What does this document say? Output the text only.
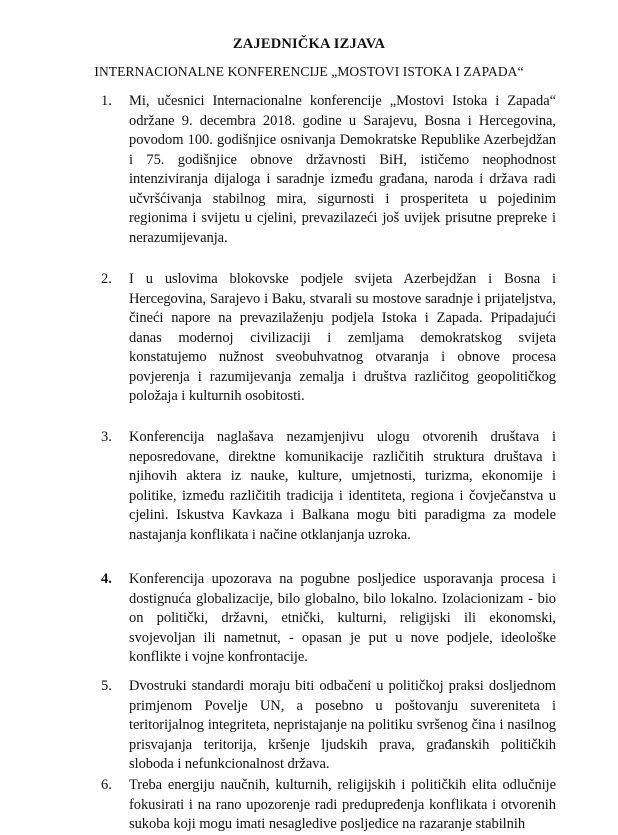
ZAJEDNIČKA IZJAVA
INTERNACIONALNE KONFERENCIJE „MOSTOVI ISTOKA I ZAPADA“
1.	Mi, učesnici Internacionalne konferencije „Mostovi Istoka i Zapada“ održane 9. decembra 2018. godine u Sarajevu, Bosna i Hercegovina, povodom 100. godišnjice osnivanja Demokratske Republike Azerbejdžan i 75. godišnjice obnove državnosti BiH, ističemo neophodnost intenziviranja dijaloga i saradnje između građana, naroda i država radi učvršćivanja stabilnog mira, sigurnosti i prosperiteta u pojedinim regionima i svijetu u cjelini, prevazilazeći još uvijek prisutne prepreke i nerazumijevanja.
2.	I u uslovima blokovske podjele svijeta Azerbejdžan i Bosna i Hercegovina, Sarajevo i Baku, stvarali su mostove saradnje i prijateljstva, čineći napore na prevazilaženju podjela Istoka i Zapada. Pripadajući danas modernoj civilizaciji i zemljama demokratskog svijeta konstatujemo nužnost sveobuhvatnog otvaranja i obnove procesa povjerenja i razumijevanja zemalja i društva različitog geopolitičkog položaja i kulturnih osobitosti.
3.	Konferencija naglašava nezamjenjivu ulogu otvorenih društava i neposredovane, direktne komunikacije različitih struktura društava i njihovih aktera iz nauke, kulture, umjetnosti, turizma, ekonomije i politike, između različitih tradicija i identiteta, regiona i čovječanstva u cjelini. Iskustva Kavkaza i Balkana mogu biti paradigma za modele nastajanja konflikata i načine otklanjanja uzroka.
4.	Konferencija upozorava na pogubne posljedice usporavanja procesa i dostignuća globalizacije, bilo globalno, bilo lokalno. Izolacionizam - bio on politički, državni, etnički, kulturni, religijski ili ekonomski, svojevoljan ili nametnut, - opasan je put u nove podjele, ideološke konflikte i vojne konfrontacije.
5.	Dvostruki standardi moraju biti odbačeni u političkoj praksi dosljednom primjenom Povelje UN, a posebno u poštovanju suvereniteta i teritorijalnog integriteta, nepristajanje na politiku svršenog čina i nasilnog prisvajanja teritorija, kršenje ljudskih prava, građanskih političkih sloboda i nefunkcionalnost država.
6.	Treba energiju naučnih, kulturnih, religijskih i političkih elita odlučnije fokusirati i na rano upozorenje radi predupređenja konflikata i otvorenih sukoba koji mogu imati nesagledive posljedice na razaranje stabilnih
